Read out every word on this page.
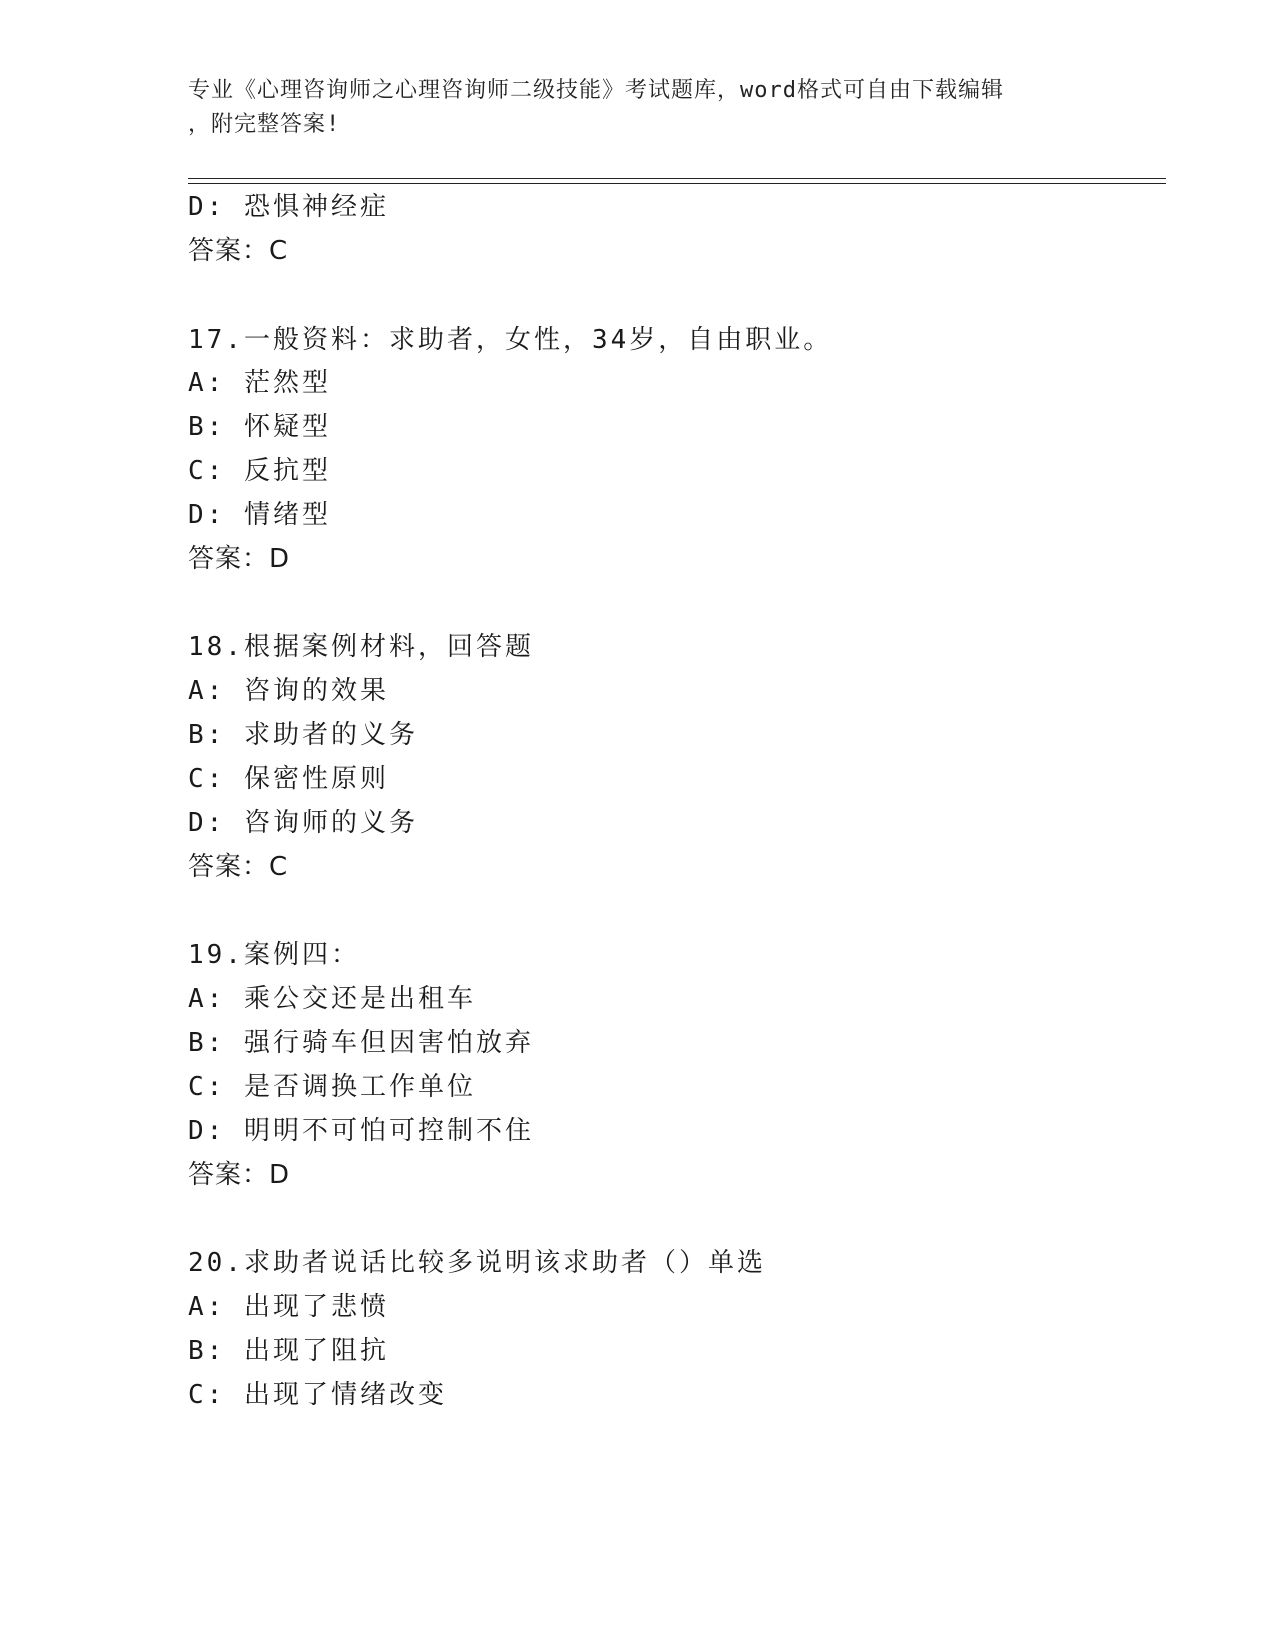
专业《心理咨询师之心理咨询师二级技能》考试题库，word格式可自由下载编辑
，附完整答案!
D: 恐惧神经症
答案：C
17.一般资料：求助者，女性，34岁，自由职业。
A: 茫然型
B: 怀疑型
C: 反抗型
D: 情绪型
答案：D
18.根据案例材料，回答题
A: 咨询的效果
B: 求助者的义务
C: 保密性原则
D: 咨询师的义务
答案：C
19.案例四：
A: 乘公交还是出租车
B: 强行骑车但因害怕放弃
C: 是否调换工作单位
D: 明明不可怕可控制不住
答案：D
20.求助者说话比较多说明该求助者（）单选
A: 出现了悲愤
B: 出现了阻抗
C: 出现了情绪改变
